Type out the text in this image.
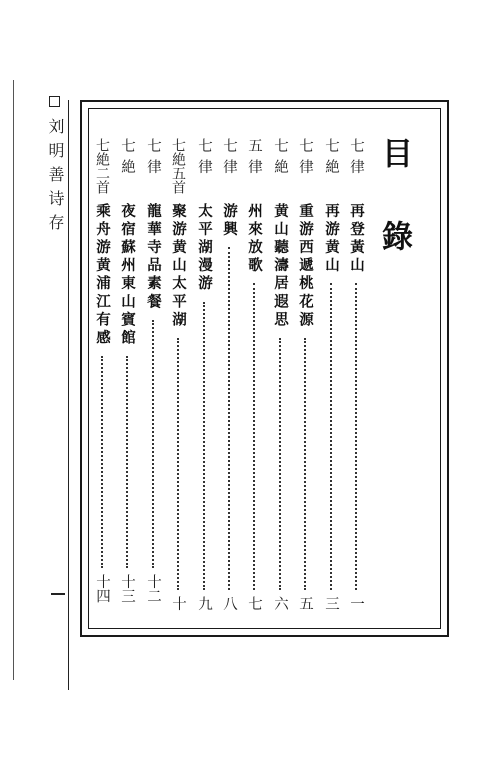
刘明善诗存	目錄
七律
再登黃山
一
七絶
再游黄山
三
七律
重游西遞桃花源
五
七絶
黄山聽濤居遐思
六
五律
州來放歌
七
七律
游興
八
七律
太平湖漫游
九
七絶五首
聚游黄山太平湖
十
七律
龍華寺品素餐
十二
七絶
夜宿蘇州東山賓館
十三
七絶二首
乘舟游黄浦江有感
十四
